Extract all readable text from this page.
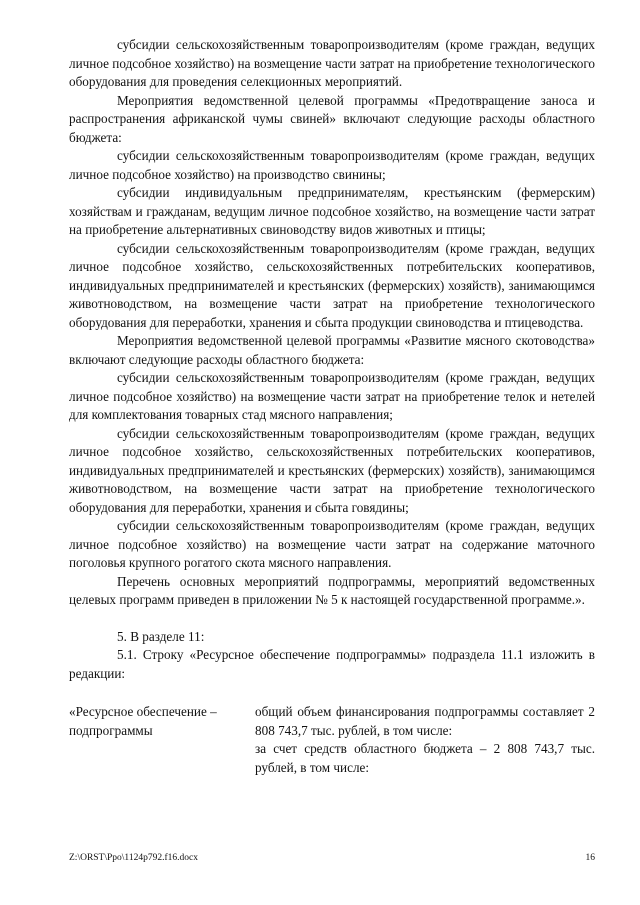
субсидии сельскохозяйственным товаропроизводителям (кроме граждан, ведущих личное подсобное хозяйство) на возмещение части затрат на приобретение технологического оборудования для проведения селекционных мероприятий.

Мероприятия ведомственной целевой программы «Предотвращение заноса и распространения африканской чумы свиней» включают следующие расходы областного бюджета:

субсидии сельскохозяйственным товаропроизводителям (кроме граждан, ведущих личное подсобное хозяйство) на производство свинины;

субсидии индивидуальным предпринимателям, крестьянским (фермерским) хозяйствам и гражданам, ведущим личное подсобное хозяйство, на возмещение части затрат на приобретение альтернативных свиноводству видов животных и птицы;

субсидии сельскохозяйственным товаропроизводителям (кроме граждан, ведущих личное подсобное хозяйство, сельскохозяйственных потребительских кооперативов, индивидуальных предпринимателей и крестьянских (фермерских) хозяйств), занимающимся животноводством, на возмещение части затрат на приобретение технологического оборудования для переработки, хранения и сбыта продукции свиноводства и птицеводства.

Мероприятия ведомственной целевой программы «Развитие мясного скотоводства» включают следующие расходы областного бюджета:

субсидии сельскохозяйственным товаропроизводителям (кроме граждан, ведущих личное подсобное хозяйство) на возмещение части затрат на приобретение телок и нетелей для комплектования товарных стад мясного направления;

субсидии сельскохозяйственным товаропроизводителям (кроме граждан, ведущих личное подсобное хозяйство, сельскохозяйственных потребительских кооперативов, индивидуальных предпринимателей и крестьянских (фермерских) хозяйств), занимающимся животноводством, на возмещение части затрат на приобретение технологического оборудования для переработки, хранения и сбыта говядины;

субсидии сельскохозяйственным товаропроизводителям (кроме граждан, ведущих личное подсобное хозяйство) на возмещение части затрат на содержание маточного поголовья крупного рогатого скота мясного направления.

Перечень основных мероприятий подпрограммы, мероприятий ведомственных целевых программ приведен в приложении № 5 к настоящей государственной программе.».

5. В разделе 11:

5.1. Строку «Ресурсное обеспечение подпрограммы» подраздела 11.1 изложить в редакции:

«Ресурсное обеспечение – подпрограммы

общий объем финансирования подпрограммы составляет 2 808 743,7 тыс. рублей, в том числе:

за счет средств областного бюджета – 2 808 743,7 тыс. рублей, в том числе:

Z:\ORST\Ppo\1124p792.f16.docx	16
